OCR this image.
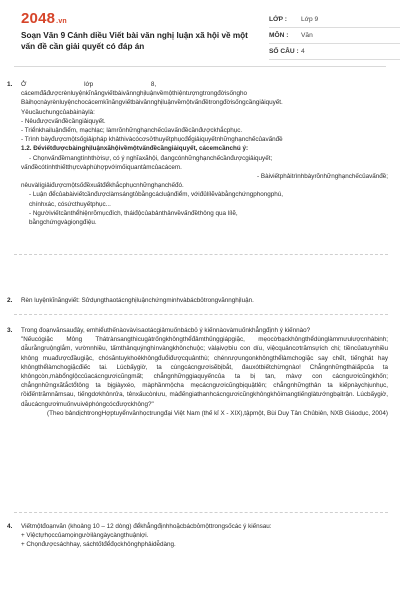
2048.vn
Soạn Văn 9 Cánh diều Viết bài văn nghị luận xã hội về một vấn đề cần giải quyết có đáp án
LỚP :	Lớp 9
MÔN :	Văn
SỐ CÂU : 4
1. Ở                                 lớp                                 8,

cácemđãđượcrènluyệnkĩnăngviếtbàivănnghịluậnvềmộthiệntượngtrongđờisốngho

Bàihọcnàyrènluyệnchocácemkĩnăngviếtbàivănnghịluậnvềmộtvấnđềtrongđờisốngcầngiảiquyết.

Yêucầuchungcủabàinàylà:

- Nêuđượcvấnđềcầngiảiquyết.

- Triểnkhailuậnđiểm, mạchlạc; làmrõnhữnghạnchếcủavấnđềcầnđượckhắcphục.

- Trình bàyđượcmộtsốgiảipháp khảthivàcócơsởthuyếtphụcđểgiảiquyếtnhữnghạnchếcủavấnđề

1.2. Đểviếtđượcbàinghịluậnxãhộivềmộtvấnđềcầngiảiquyết, cácemcầnchú ý:

- Chọnvấnđềmangtínhthờisự, có ý nghĩaxãhội, đangcónhữnghạnchếcầnđượcgiảiquyết;

vấnđềcótínhthiếtthựcvàphùhợpvớimốiquantâmcủacácem.

- Bàiviếtphảitrìnhbàyrõnhữnghạnchếcủavấnđề;

nêuvàlígiảiđượcmộtsốđềxuấtđểkhắcphụcnhữnghạnchếđó.

- Luận đểcủabàiviếtcầnđượclàmsángtỏbằngcácluậnđiểm, vớiđủlílẽvàbằngchứngphongphú,

chínhxác, cósứcthuyếtphục...

- Ngườiviếtcầnthểhiệnrõmụcđích, tháiđộcủabảnthânvềvấnđềthông qua lílẽ,

bằngchứngvàgiọngđiệu.

2. Rèn luyệnkĩnăngviết: Sửdụngthaotácnghịluậnchứngminhvàbácbỏtrongvănnghịluận.

3. Trong đoạnvănsauđây, emhiểuthếnàovàvìsaotácgiảmuốnbácbỏ ý kiếnnàovàmuốnkhẳngđịnh ý kiếnnào?

"Nếucógiặc Mông Thátrànsangthìcugàtrốngkhôngthểđâmthủnggiápgiặc, mẹocờbạckhôngthểdùnglàmmưulượcnhàbinh; dẫurằngruộnglắm, vườnnhiều, tấmthânquýnghìnvàngkhônchuộc; vàlạivợbìu con díu, việcquâncơtrămsựích chi; tiềncủatuynhiều không muađượcđầugiặc, chósăntuykhoẻkhôngđuổiđượcquânthù; chénrượungonkhôngthểlàmchogiặc say chết, tiếnghát hay khôngthểlàmchogiặcđiếc tai. Lúcbấygiờ, ta cùngcácngươisẽbịbắt, đauxótbiếtchừngnào! Chẳngnhữngtháiấpcủa ta khôngcòn,màbổnglộccủacácngươicũngmất; chẳngnhữnggiaquyếncủa ta bị tan, màvợ con cácngươicũngkhốn; chẳngnhữngxãtắctổtông ta bịgiàyxéo, màphầnmộcha mẹcácngươicũngbịquậtlên; chẳngnhữngthân ta kiếpnàychịunhục, rồiđếntrămnămsau, tiếngdơkhônrửa, tênxấucònlưu, màđếngiathanhcácngươicũngkhôngkhỏimangtiếnglàtướngbạitrận. Lúcbấygiờ, dẫucácngươimuốnvuivẻphóngcócđượckhông?"

(Theo bảndịchtrongHợptuyểnvănhọctrungđại Việt Nam (thế kỉ X - XIX),tậpmột, Bùi Duy Tân Chủbiên, NXB Giáodục, 2004)

4. Viếtmộtđoạnvăn (khoảng 10 – 12 dòng) đểkhẳngđịnhhoặcbácbỏmộttrongsốcác ý kiếnsau:

+ Việctựhọccủamọingườilàngàycàngthuậnlợi.

+ Chọnđượcsáchhay, sáchtốtđểđọckhônghphảidễdàng.
